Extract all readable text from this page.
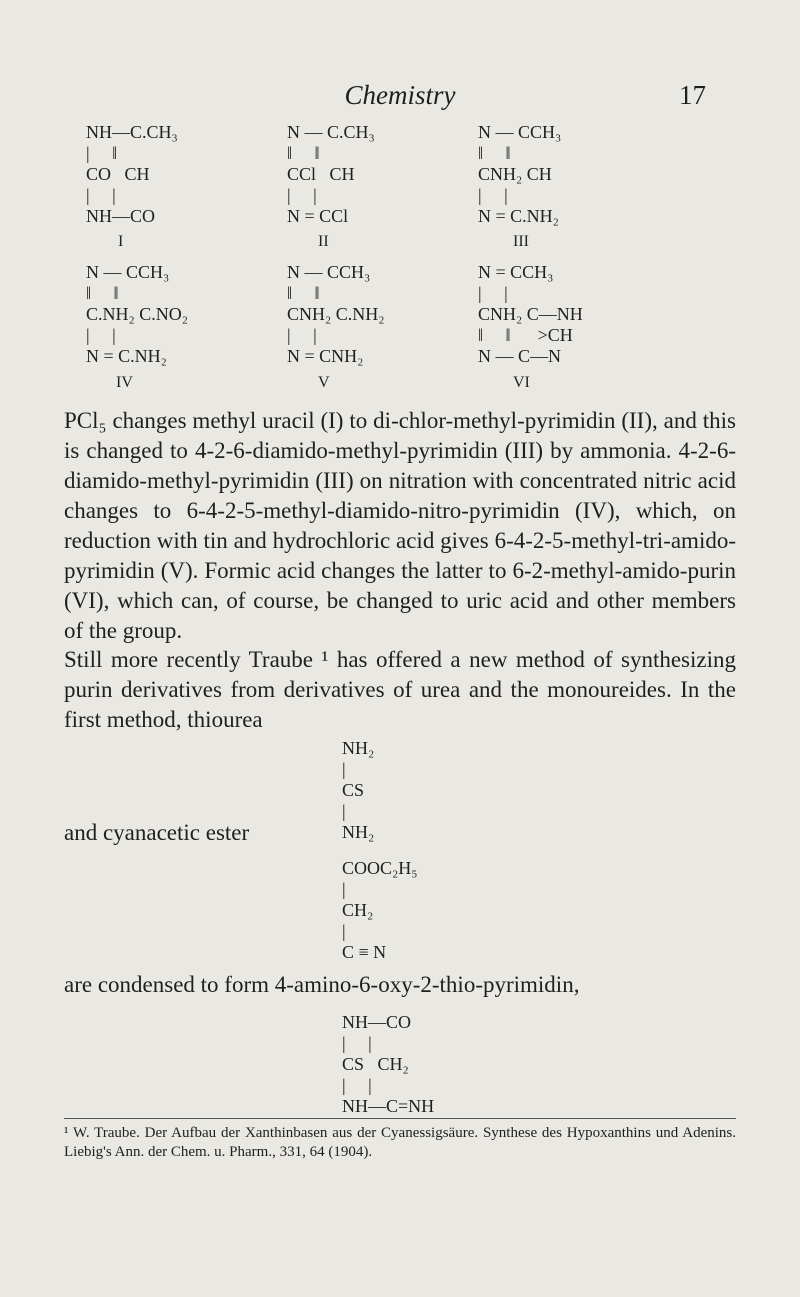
Chemistry	17
NH—C.CH₃
|     ‖
CO   CH
|     |
NH—CO
I
N — C.CH₃
‖     ‖
CCl   CH
|     |
N = CCl
II
N — CCH₃
‖     ‖
CNH₂ CH
|     |
N = C.NH₂
III
N — CCH₃
‖     ‖
C.NH₂ C.NO₂
|     |
N = C.NH₂
IV
N — CCH₃
‖     ‖
CNH₂ C.NH₂
|     |
N = CNH₂
V
N = CCH₃
|     |
CNH₂ C—NH
‖     ‖      >CH
N — C—N
VI

PCl₅ changes methyl uracil (I) to di-chlor-methyl-pyrimidin (II), and this is changed to 4-2-6-diamido-methyl-pyrimidin (III) by ammonia. 4-2-6-diamido-methyl-pyrimidin (III) on nitration with concentrated nitric acid changes to 6-4-2-5-methyl-diamido-nitro-pyrimidin (IV), which, on reduction with tin and hydrochloric acid gives 6-4-2-5-methyl-tri-amido-pyrimidin (V). Formic acid changes the latter to 6-2-methyl-amido-purin (VI), which can, of course, be changed to uric acid and other members of the group.

Still more recently Traube ¹ has offered a new method of synthesizing purin derivatives from derivatives of urea and the monoureides. In the first method, thiourea

NH₂
|
CS
|
NH₂
and cyanacetic ester
COOC₂H₅
|
CH₂
|
C ≡ N
are condensed to form 4-amino-6-oxy-2-thio-pyrimidin,
NH—CO
|     |
CS   CH₂
|     |
NH—C=NH

¹ W. Traube. Der Aufbau der Xanthinbasen aus der Cyanessigsäure. Synthese des Hypoxanthins und Adenins. Liebig's Ann. der Chem. u. Pharm., 331, 64 (1904).
